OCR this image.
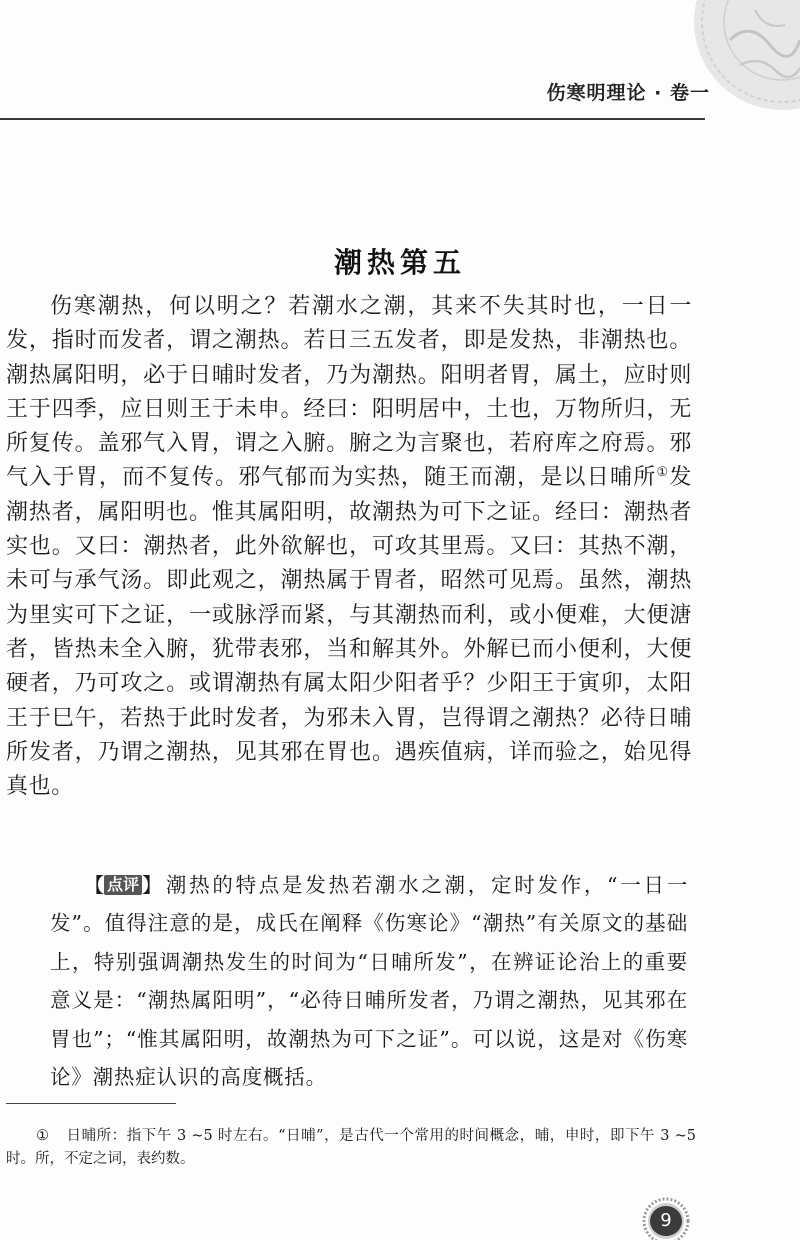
伤寒明理论 · 卷一
潮热第五

伤寒潮热，何以明之？若潮水之潮，其来不失其时也，一日一发，指时而发者，谓之潮热。若日三五发者，即是发热，非潮热也。潮热属阳明，必于日晡时发者，乃为潮热。阳明者胃，属土，应时则王于四季，应日则王于未申。经曰：阳明居中，土也，万物所归，无所复传。盖邪气入胃，谓之入腑。腑之为言聚也，若府库之府焉。邪气入于胃，而不复传。邪气郁而为实热，随王而潮，是以日晡所①发潮热者，属阳明也。惟其属阳明，故潮热为可下之证。经曰：潮热者实也。又曰：潮热者，此外欲解也，可攻其里焉。又曰：其热不潮，未可与承气汤。即此观之，潮热属于胃者，昭然可见焉。虽然，潮热为里实可下之证，一或脉浮而紧，与其潮热而利，或小便难，大便溏者，皆热未全入腑，犹带表邪，当和解其外。外解已而小便利，大便硬者，乃可攻之。或谓潮热有属太阳少阳者乎？少阳王于寅卯，太阳王于巳午，若热于此时发者，为邪未入胃，岂得谓之潮热？必待日晡所发者，乃谓之潮热，见其邪在胃也。遇疾值病，详而验之，始见得真也。

【 点评 】潮热的特点是发热若潮水之潮，定时发作，“一日一发”。值得注意的是，成氏在阐释《伤寒论》“潮热”有关原文的基础上，特别强调潮热发生的时间为“日晡所发”，在辨证论治上的重要意义是：“潮热属阳明”，“必待日晡所发者，乃谓之潮热，见其邪在胃也”；“惟其属阳明，故潮热为可下之证”。可以说，这是对《伤寒论》潮热症认识的高度概括。

① 日晡所：指下午 3 ~5 时左右。“日晡”，是古代一个常用的时间概念，晡，申时，即下午 3 ~5 时。所，不定之词，表约数。

9
